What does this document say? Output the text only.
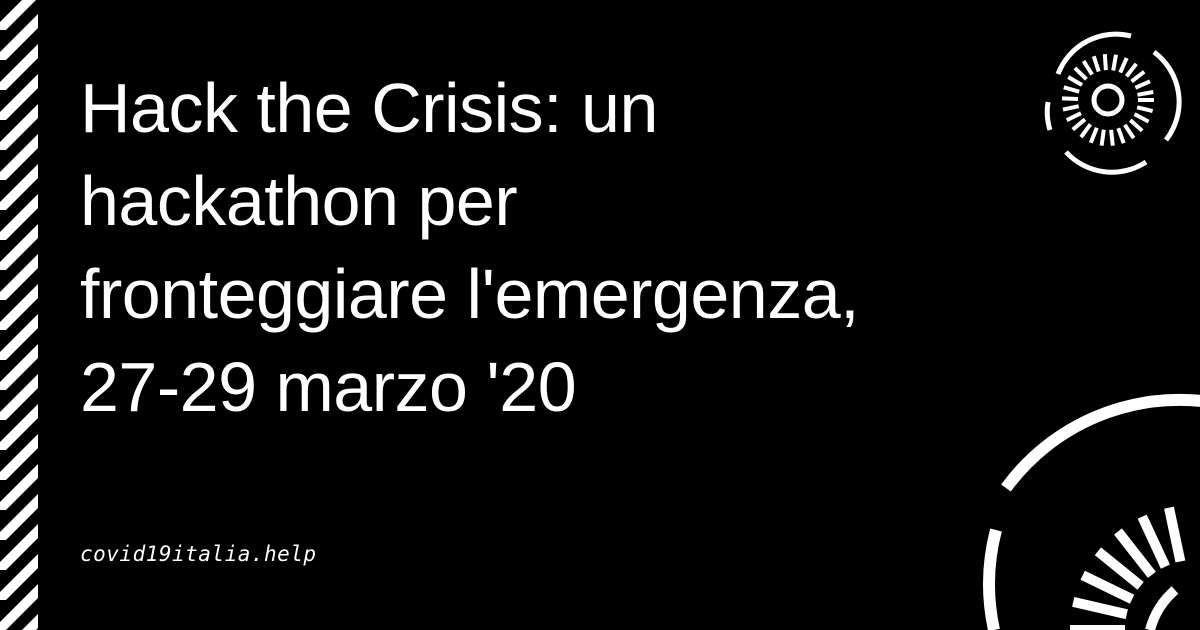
Hack the Crisis: un
hackathon per
fronteggiare l'emergenza,
27-29 marzo '20
covid19italia.help
